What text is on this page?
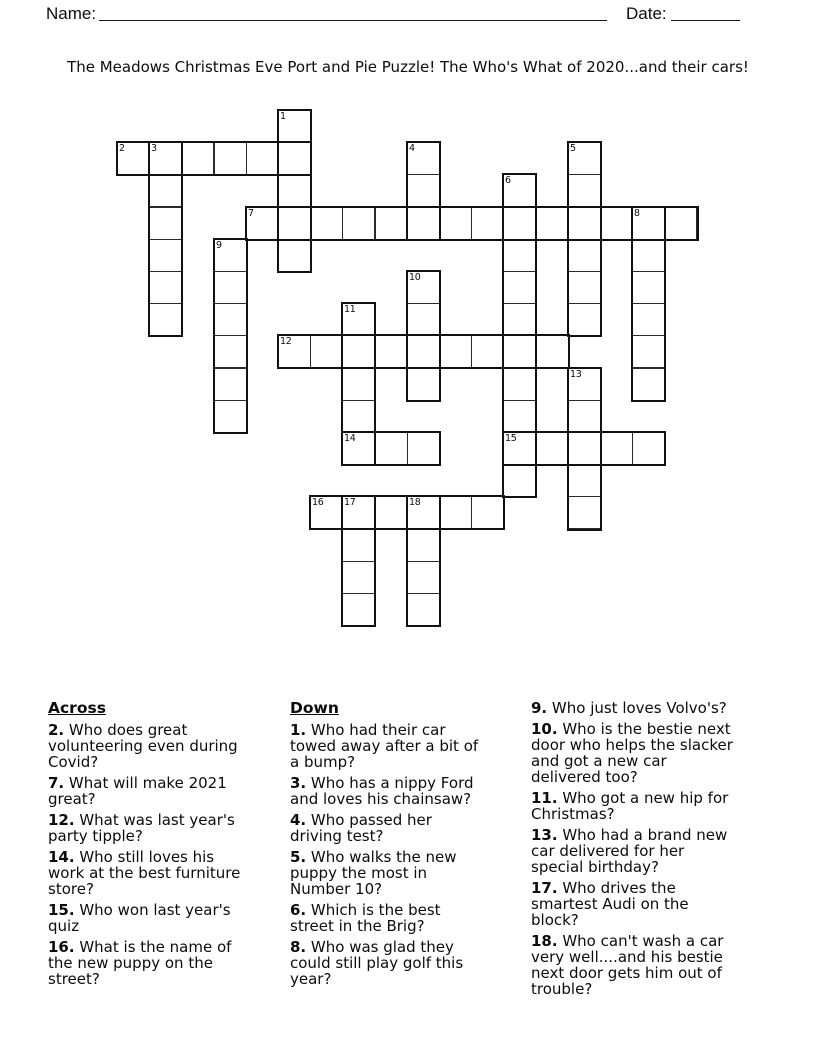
Name:	Date:
The Meadows Christmas Eve Port and Pie Puzzle! The Who's What of 2020...and their cars!
1
2	3	4	5
6
7	8
9
10
11
12
13
14	15
16 17	18
Across

2. Who does great volunteering even during Covid?

7. What will make 2021 great?

12. What was last year's party tipple?

14. Who still loves his work at the best furniture store?

15. Who won last year's quiz

16. What is the name of the new puppy on the street?

Down

1. Who had their car towed away after a bit of a bump?

3. Who has a nippy Ford and loves his chainsaw?

4. Who passed her driving test?

5. Who walks the new puppy the most in Number 10?

6. Which is the best street in the Brig?

8. Who was glad they could still play golf this year?

9. Who just loves Volvo's?

10. Who is the bestie next door who helps the slacker and got a new car delivered too?

11. Who got a new hip for Christmas?

13. Who had a brand new car delivered for her special birthday?

17. Who drives the smartest Audi on the block?

18. Who can't wash a car very well....and his bestie next door gets him out of trouble?
